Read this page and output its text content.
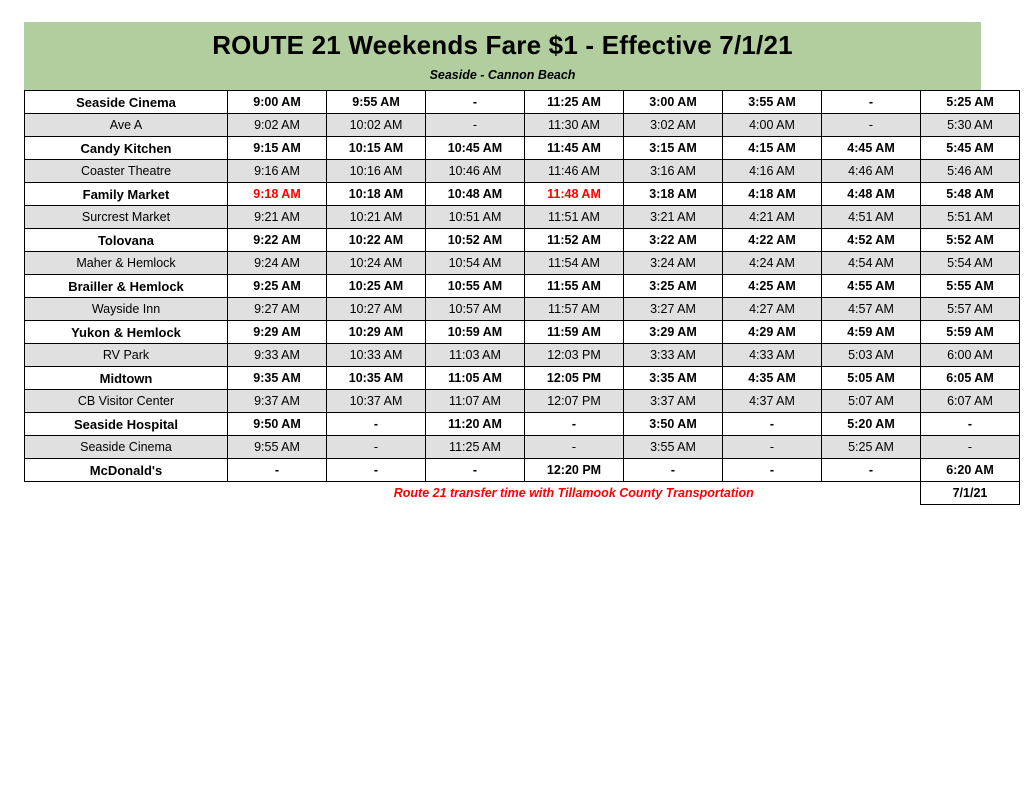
ROUTE 21 Weekends Fare $1 - Effective 7/1/21
Seaside - Cannon Beach
Seaside Cinema	9:00 AM	9:55 AM	-	11:25 AM	3:00 AM	3:55 AM	-	5:25 AM
Ave A	9:02 AM	10:02 AM	-	11:30 AM	3:02 AM	4:00 AM	-	5:30 AM
Candy Kitchen	9:15 AM	10:15 AM	10:45 AM	11:45 AM	3:15 AM	4:15 AM	4:45 AM	5:45 AM
Coaster Theatre	9:16 AM	10:16 AM	10:46 AM	11:46 AM	3:16 AM	4:16 AM	4:46 AM	5:46 AM
Family Market	9:18 AM	10:18 AM	10:48 AM	11:48 AM	3:18 AM	4:18 AM	4:48 AM	5:48 AM
Surcrest Market	9:21 AM	10:21 AM	10:51 AM	11:51 AM	3:21 AM	4:21 AM	4:51 AM	5:51 AM
Tolovana	9:22 AM	10:22 AM	10:52 AM	11:52 AM	3:22 AM	4:22 AM	4:52 AM	5:52 AM
Maher & Hemlock	9:24 AM	10:24 AM	10:54 AM	11:54 AM	3:24 AM	4:24 AM	4:54 AM	5:54 AM
Brailler & Hemlock	9:25 AM	10:25 AM	10:55 AM	11:55 AM	3:25 AM	4:25 AM	4:55 AM	5:55 AM
Wayside Inn	9:27 AM	10:27 AM	10:57 AM	11:57 AM	3:27 AM	4:27 AM	4:57 AM	5:57 AM
Yukon & Hemlock	9:29 AM	10:29 AM	10:59 AM	11:59 AM	3:29 AM	4:29 AM	4:59 AM	5:59 AM
RV Park	9:33 AM	10:33 AM	11:03 AM	12:03 PM	3:33 AM	4:33 AM	5:03 AM	6:00 AM
Midtown	9:35 AM	10:35 AM	11:05 AM	12:05 PM	3:35 AM	4:35 AM	5:05 AM	6:05 AM
CB Visitor Center	9:37 AM	10:37 AM	11:07 AM	12:07 PM	3:37 AM	4:37 AM	5:07 AM	6:07 AM
Seaside Hospital	9:50 AM	-	11:20 AM	-	3:50 AM	-	5:20 AM	-
Seaside Cinema	9:55 AM	-	11:25 AM	-	3:55 AM	-	5:25 AM	-
McDonald's	-	-	-	12:20 PM	-	-	-	6:20 AM
	Route 21 transfer time with Tillamook County Transportation							7/1/21
